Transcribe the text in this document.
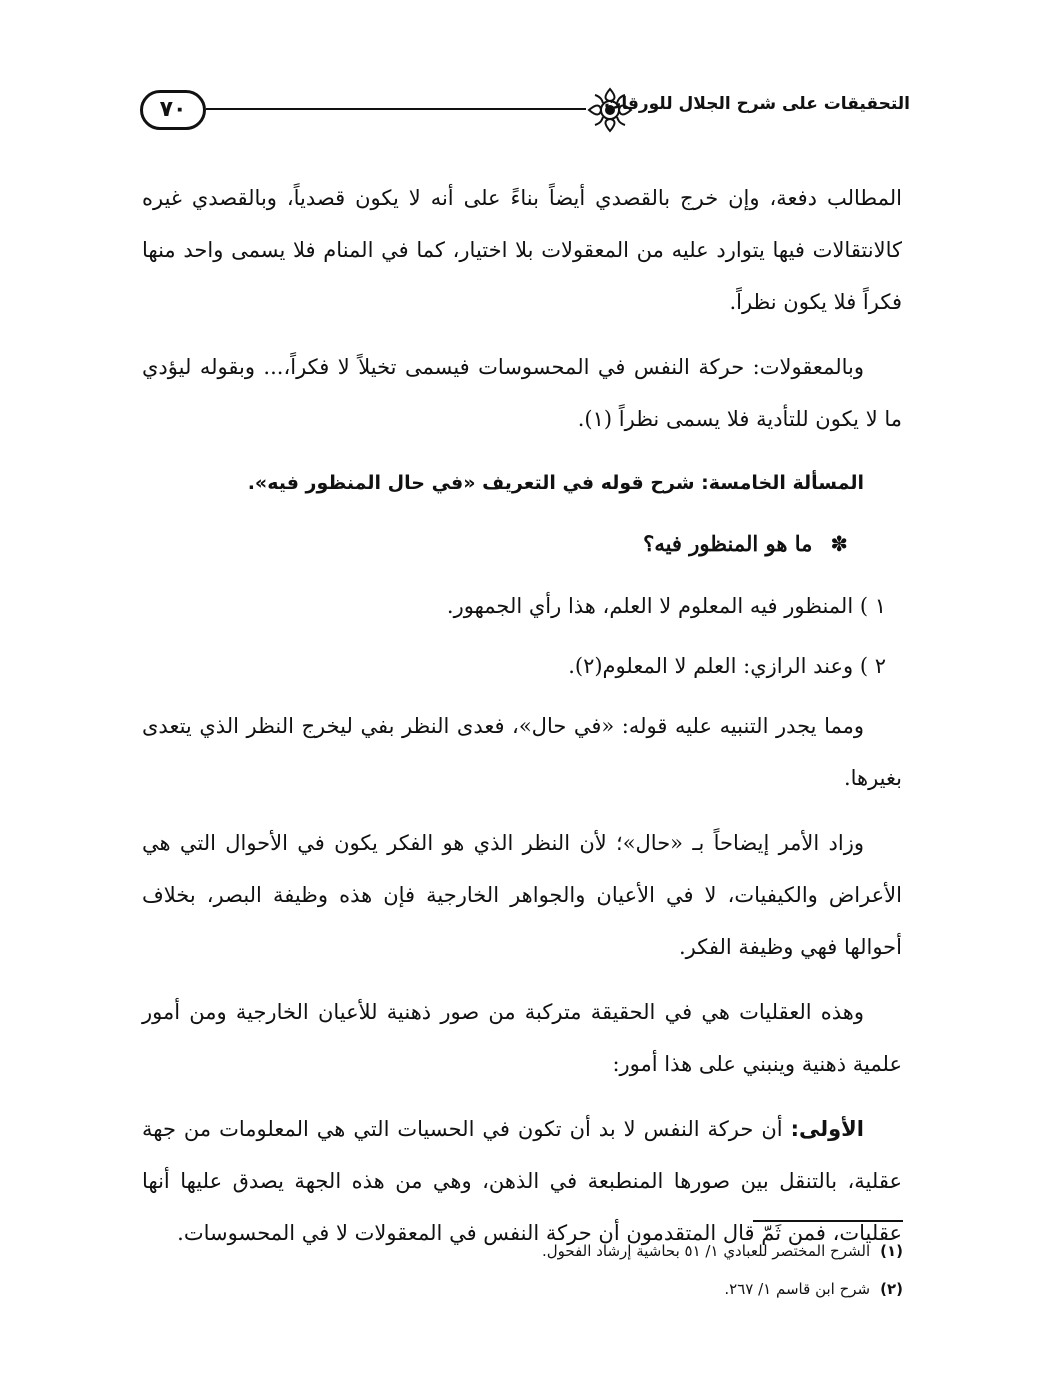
٧٠	التحقيقات على شرح الجلال للورقات

المطالب دفعة، وإن خرج بالقصدي أيضاً بناءً على أنه لا يكون قصدياً، وبالقصدي غيره كالانتقالات فيها يتوارد عليه من المعقولات بلا اختيار، كما في المنام فلا يسمى واحد منها فكراً فلا يكون نظراً.

وبالمعقولات: حركة النفس في المحسوسات فيسمى تخيلاً لا فكراً،... وبقوله ليؤدي ما لا يكون للتأدية فلا يسمى نظراً (١).

المسألة الخامسة: شرح قوله في التعريف «في حال المنظور فيه».

✽ما هو المنظور فيه؟

١ ) المنظور فيه المعلوم لا العلم، هذا رأي الجمهور.

٢ ) وعند الرازي: العلم لا المعلوم(٢).

ومما يجدر التنبيه عليه قوله: «في حال»، فعدى النظر بفي ليخرج النظر الذي يتعدى بغيرها.

وزاد الأمر إيضاحاً بـ «حال»؛ لأن النظر الذي هو الفكر يكون في الأحوال التي هي الأعراض والكيفيات، لا في الأعيان والجواهر الخارجية فإن هذه وظيفة البصر، بخلاف أحوالها فهي وظيفة الفكر.

وهذه العقليات هي في الحقيقة متركبة من صور ذهنية للأعيان الخارجية ومن أمور علمية ذهنية وينبني على هذا أمور:

الأولى: أن حركة النفس لا بد أن تكون في الحسيات التي هي المعلومات من جهة عقلية، بالتنقل بين صورها المنطبعة في الذهن، وهي من هذه الجهة يصدق عليها أنها عقليات، فمن ثَمّ قال المتقدمون أن حركة النفس في المعقولات لا في المحسوسات.

(١)الشرح المختصر للعبادي ١/ ٥١ بحاشية إرشاد الفحول.
(٢)شرح ابن قاسم ١/ ٢٦٧.
